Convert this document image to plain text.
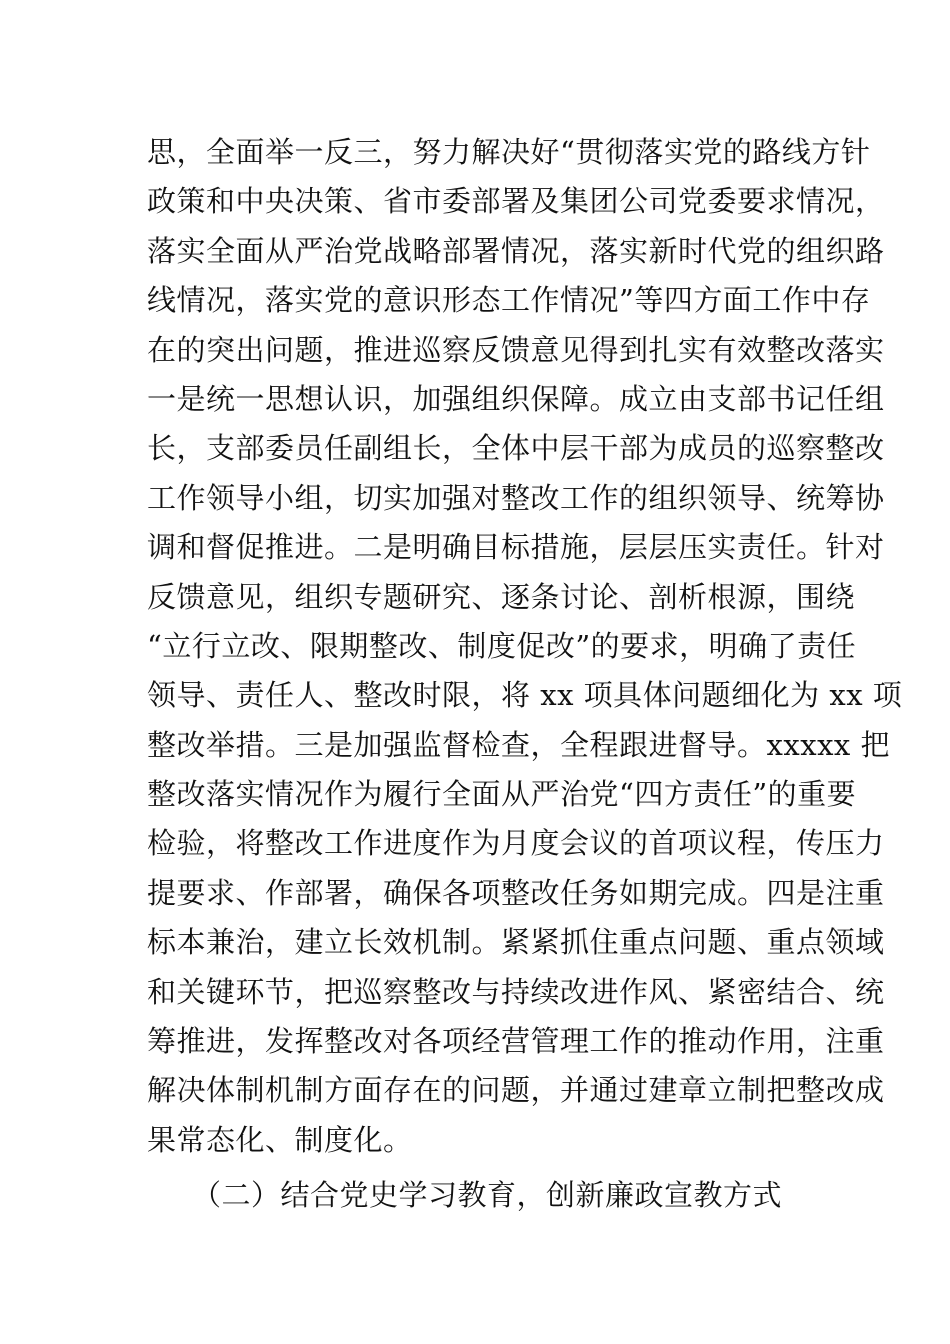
思，全面举一反三，努力解决好“贯彻落实党的路线方针
政策和中央决策、省市委部署及集团公司党委要求情况，
落实全面从严治党战略部署情况，落实新时代党的组织路
线情况，落实党的意识形态工作情况”等四方面工作中存
在的突出问题，推进巡察反馈意见得到扎实有效整改落实
一是统一思想认识，加强组织保障。成立由支部书记任组
长，支部委员任副组长，全体中层干部为成员的巡察整改
工作领导小组，切实加强对整改工作的组织领导、统筹协
调和督促推进。二是明确目标措施，层层压实责任。针对
反馈意见，组织专题研究、逐条讨论、剖析根源，围绕
“立行立改、限期整改、制度促改”的要求，明确了责任
领导、责任人、整改时限，将 xx 项具体问题细化为 xx 项
整改举措。三是加强监督检查，全程跟进督导。xxxxx 把
整改落实情况作为履行全面从严治党“四方责任”的重要
检验，将整改工作进度作为月度会议的首项议程，传压力
提要求、作部署，确保各项整改任务如期完成。四是注重
标本兼治，建立长效机制。紧紧抓住重点问题、重点领域
和关键环节，把巡察整改与持续改进作风、紧密结合、统
筹推进，发挥整改对各项经营管理工作的推动作用，注重
解决体制机制方面存在的问题，并通过建章立制把整改成
果常态化、制度化。
（二）结合党史学习教育，创新廉政宣教方式
